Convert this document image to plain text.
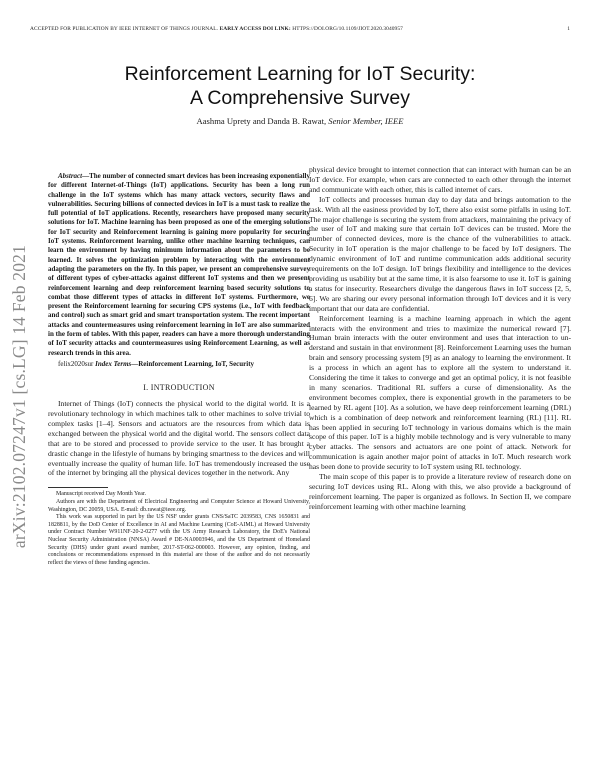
ACCEPTED FOR PUBLICATION BY IEEE INTERNET OF THINGS JOURNAL. EARLY ACCESS DOI LINK: HTTPS://DOI.ORG/10.1109/JIOT.2020.3040957	1
arXiv:2102.07247v1 [cs.LG] 14 Feb 2021
Reinforcement Learning for IoT Security:
A Comprehensive Survey
Aashma Uprety and Danda B. Rawat, Senior Member, IEEE

Abstract—The number of connected smart devices has been increasing exponentially for different Internet-of-Things (IoT) applications. Security has been a long run challenge in the IoT systems which has many attack vectors, security flaws and vulnerabilities. Securing billions of connected devices in IoT is a must task to realize the full potential of IoT applications. Recently, researchers have proposed many security solutions for IoT. Machine learning has been proposed as one of the emerging solutions for IoT security and Reinforcement learning is gaining more popularity for securing IoT systems. Reinforcement learning, unlike other machine learning techniques, can learn the environment by having minimum information about the parameters to be learned. It solves the optimization problem by interacting with the environment adapting the parameters on the fly. In this paper, we present an comprehensive survey of different types of cyber-attacks against different IoT systems and then we present reinforcement learning and deep reinforcement learning based security solutions to combat those different types of attacks in different IoT systems. Furthermore, we present the Reinforcement learning for securing CPS systems (i.e., IoT with feedback and control) such as smart grid and smart transportation system. The recent important attacks and countermeasures using reinforcement learning in IoT are also summarized in the form of tables. With this paper, readers can have a more thorough understanding of IoT security attacks and countermeasures using Reinforcement Learning, as well as research trends in this area.

felix2020sur Index Terms—Reinforcement Learning, IoT, Security

I. INTRODUCTION

Internet of Things (IoT) connects the physical world to the digital world. It is a revolutionary technology in which machines talk to other machines to solve trivial to complex tasks [1–4]. Sensors and actuators are the resources from which data is exchanged between the physical world and the digital world. The sensors collect data that are to be stored and processed to provide service to the user. It has brought a drastic change in the lifestyle of humans by bringing smartness to the devices and will eventually increase the quality of human life. IoT has tremendously increased the use of the internet by bringing all the physical devices together in the network. Any

Manuscript received Day Month Year.

Authors are with the Department of Electrical Engineering and Computer Science at Howard University, Washington, DC 20059, USA. E-mail: db.rawat@ieee.org.

This work was supported in part by the US NSF under grants CNS/SaTC 2039583, CNS 1650831 and 1828811, by the DoD Center of Excellence in AI and Machine Learning (CoE-AIML) at Howard University under Contract Number W911NF-20-2-0277 with the US Army Research Laboratory, the DoE's National Nuclear Security Administration (NNSA) Award # DE-NA0003946, and the US Department of Homeland Security (DHS) under grant award number, 2017-ST-062-000003. However, any opinion, finding, and conclusions or recommendations expressed in this material are those of the author and do not necessarily reflect the views of these funding agencies.

physical device brought to internet connection that can interact with human can be an IoT device. For example, when cars are connected to each other through the internet and communicate with each other, this is called internet of cars.

IoT collects and processes human day to day data and brings automation to the task. With all the easiness provided by IoT, there also exist some pitfalls in using IoT. The major challenge is securing the system from attackers, maintaining the privacy of the user of IoT and making sure that certain IoT devices can be trusted. More the number of connected devices, more is the chance of the vulnerabilities to attack. Security in IoT operation is the major challenge to be faced by IoT designers. The dynamic environment of IoT and runtime communication adds additional security requirements on the IoT design. IoT brings flexibility and intelligence to the devices providing us usability but at the same time, it is also fearsome to use it. IoT is gaining a status for insecurity. Researchers divulge the dangerous flaws in IoT success [2, 5, 6]. We are sharing our every personal information through IoT devices and it is very important that our data are confidential.

Reinforcement learning is a machine learning approach in which the agent interacts with the environment and tries to maximize the numerical reward [7]. Human brain interacts with the outer environment and uses that interaction to un-derstand and sustain in that environment [8]. Reinforcement Learning uses the human brain and sensory processing system [9] as an analogy to learning the environment. It is a process in which an agent has to explore all the system to understand it. Considering the time it takes to converge and get an optimal policy, it is not feasible in many scenarios. Traditional RL suffers a curse of dimensionality. As the environment becomes complex, there is exponential growth in the parameters to be learned by RL agent [10]. As a solution, we have deep reinforcement learning (DRL) which is a combination of deep network and reinforcement learning (RL) [11]. RL has been applied in securing IoT technology in various domains which is the main scope of this paper. IoT is a highly mobile technology and is very vulnerable to many cyber attacks. The sensors and actuators are one point of attack. Network for communication is again another major point of attacks in IoT. Much research work has been done to provide security to IoT system using RL technology.

The main scope of this paper is to provide a literature review of research done on securing IoT devices using RL. Along with this, we also provide a background of reinforcement learning. The paper is organized as follows. In Section II, we compare reinforcement learning with other machine learning
